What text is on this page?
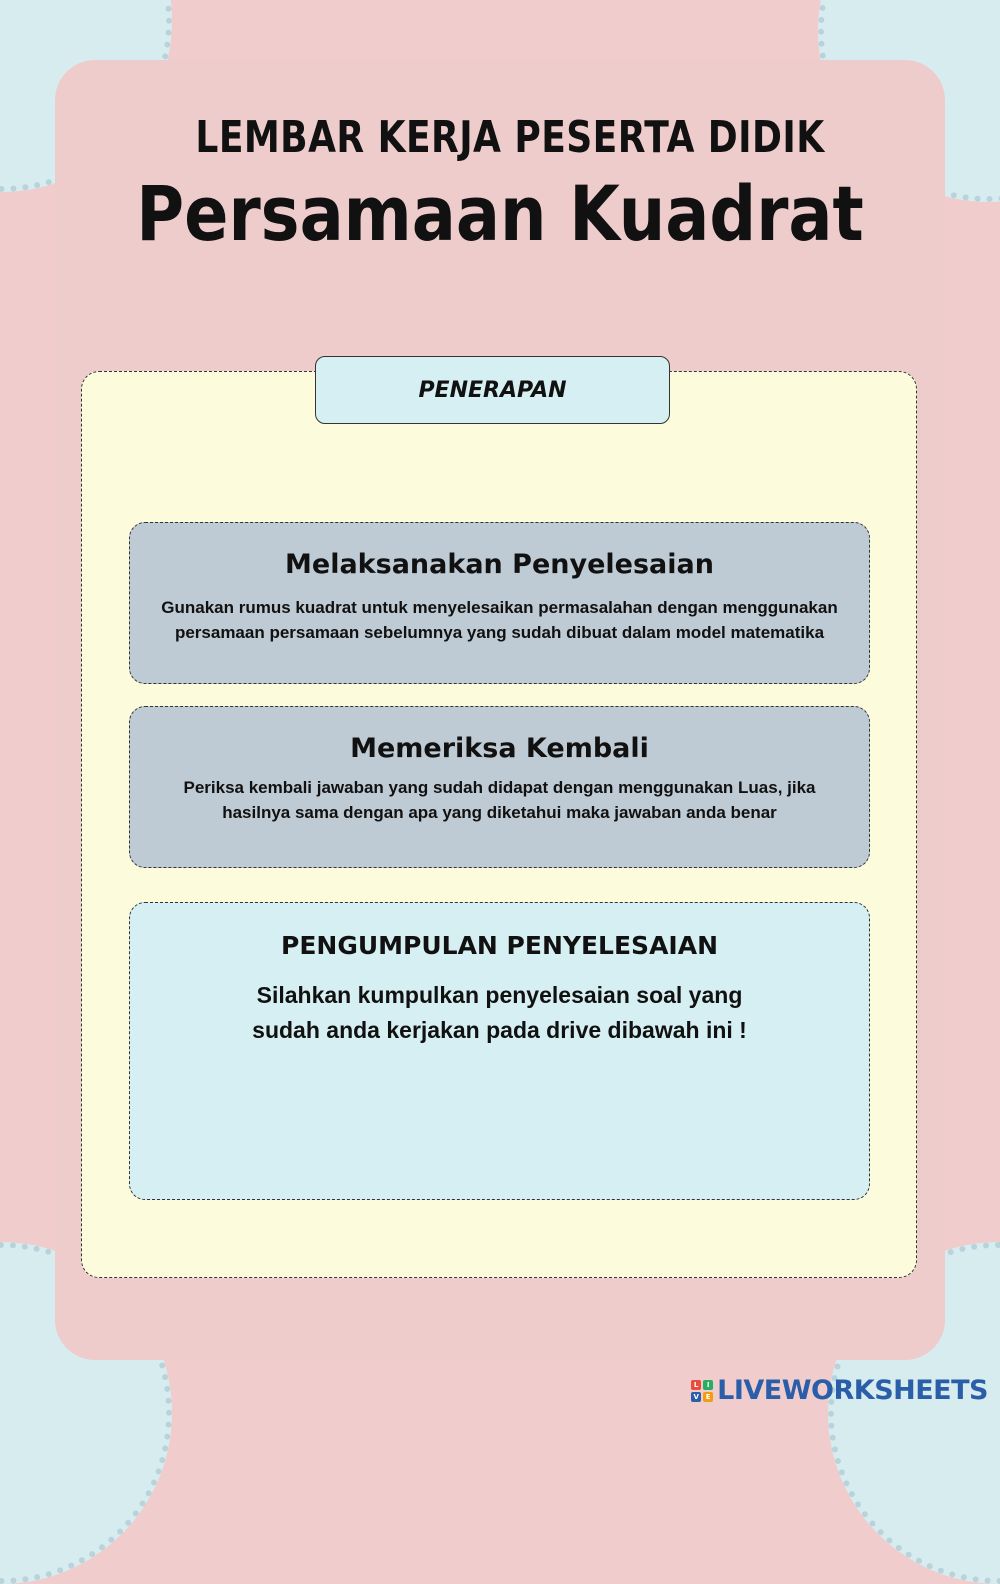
LEMBAR KERJA PESERTA DIDIK
Persamaan Kuadrat
PENERAPAN
Melaksanakan Penyelesaian

Gunakan rumus kuadrat untuk menyelesaikan permasalahan dengan menggunakan persamaan persamaan sebelumnya yang sudah dibuat dalam model matematika

Memeriksa Kembali

Periksa kembali jawaban yang sudah didapat dengan menggunakan Luas, jika hasilnya sama dengan apa yang diketahui maka jawaban anda benar

PENGUMPULAN PENYELESAIAN

Silahkan kumpulkan penyelesaian soal yang sudah anda kerjakan pada drive dibawah ini !

L	I
V E LIVEWORKSHEETS
